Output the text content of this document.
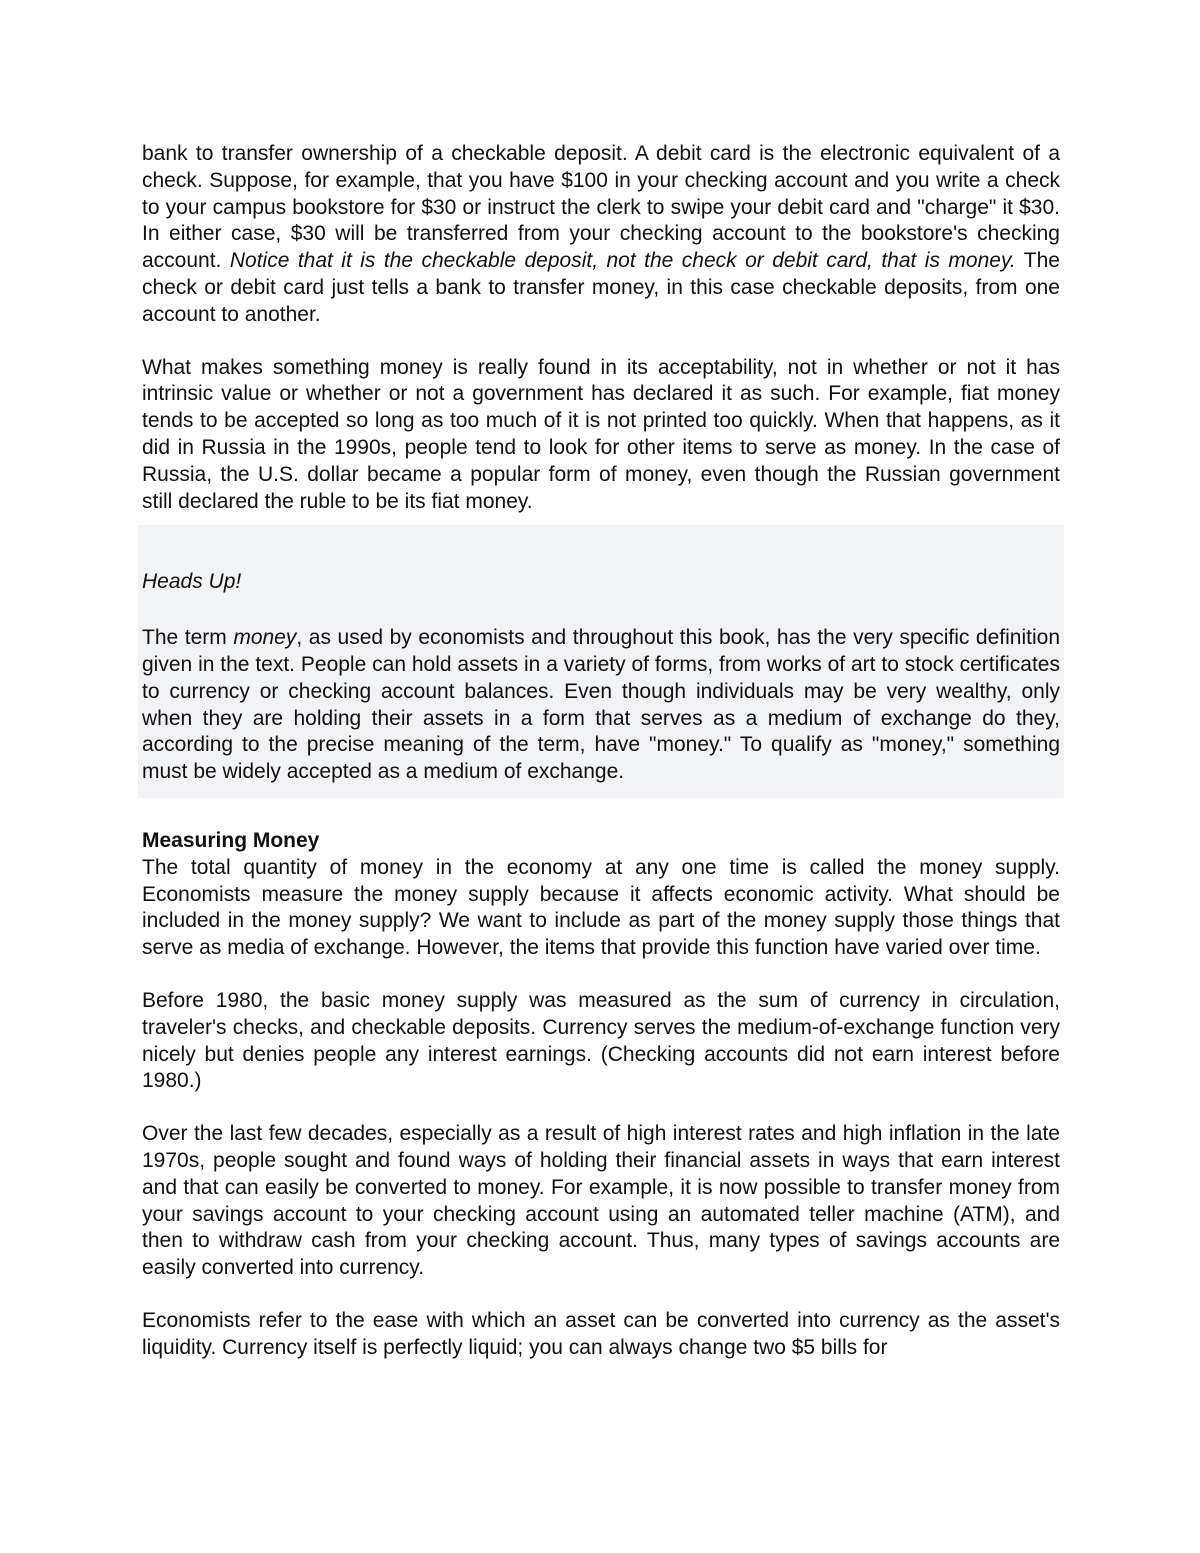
bank to transfer ownership of a checkable deposit. A debit card is the electronic equivalent of a check. Suppose, for example, that you have $100 in your checking account and you write a check to your campus bookstore for $30 or instruct the clerk to swipe your debit card and "charge" it $30. In either case, $30 will be transferred from your checking account to the bookstore's checking account. Notice that it is the checkable deposit, not the check or debit card, that is money. The check or debit card just tells a bank to transfer money, in this case checkable deposits, from one account to another.

What makes something money is really found in its acceptability, not in whether or not it has intrinsic value or whether or not a government has declared it as such. For example, fiat money tends to be accepted so long as too much of it is not printed too quickly. When that happens, as it did in Russia in the 1990s, people tend to look for other items to serve as money. In the case of Russia, the U.S. dollar became a popular form of money, even though the Russian government still declared the ruble to be its fiat money.

Heads Up!

The term money, as used by economists and throughout this book, has the very specific definition given in the text. People can hold assets in a variety of forms, from works of art to stock certificates to currency or checking account balances. Even though individuals may be very wealthy, only when they are holding their assets in a form that serves as a medium of exchange do they, according to the precise meaning of the term, have "money." To qualify as "money," something must be widely accepted as a medium of exchange.

Measuring Money

The total quantity of money in the economy at any one time is called the money supply. Economists measure the money supply because it affects economic activity. What should be included in the money supply? We want to include as part of the money supply those things that serve as media of exchange. However, the items that provide this function have varied over time.

Before 1980, the basic money supply was measured as the sum of currency in circulation, traveler's checks, and checkable deposits. Currency serves the medium-of-exchange function very nicely but denies people any interest earnings. (Checking accounts did not earn interest before 1980.)

Over the last few decades, especially as a result of high interest rates and high inflation in the late 1970s, people sought and found ways of holding their financial assets in ways that earn interest and that can easily be converted to money. For example, it is now possible to transfer money from your savings account to your checking account using an automated teller machine (ATM), and then to withdraw cash from your checking account. Thus, many types of savings accounts are easily converted into currency.

Economists refer to the ease with which an asset can be converted into currency as the asset's liquidity. Currency itself is perfectly liquid; you can always change two $5 bills for
